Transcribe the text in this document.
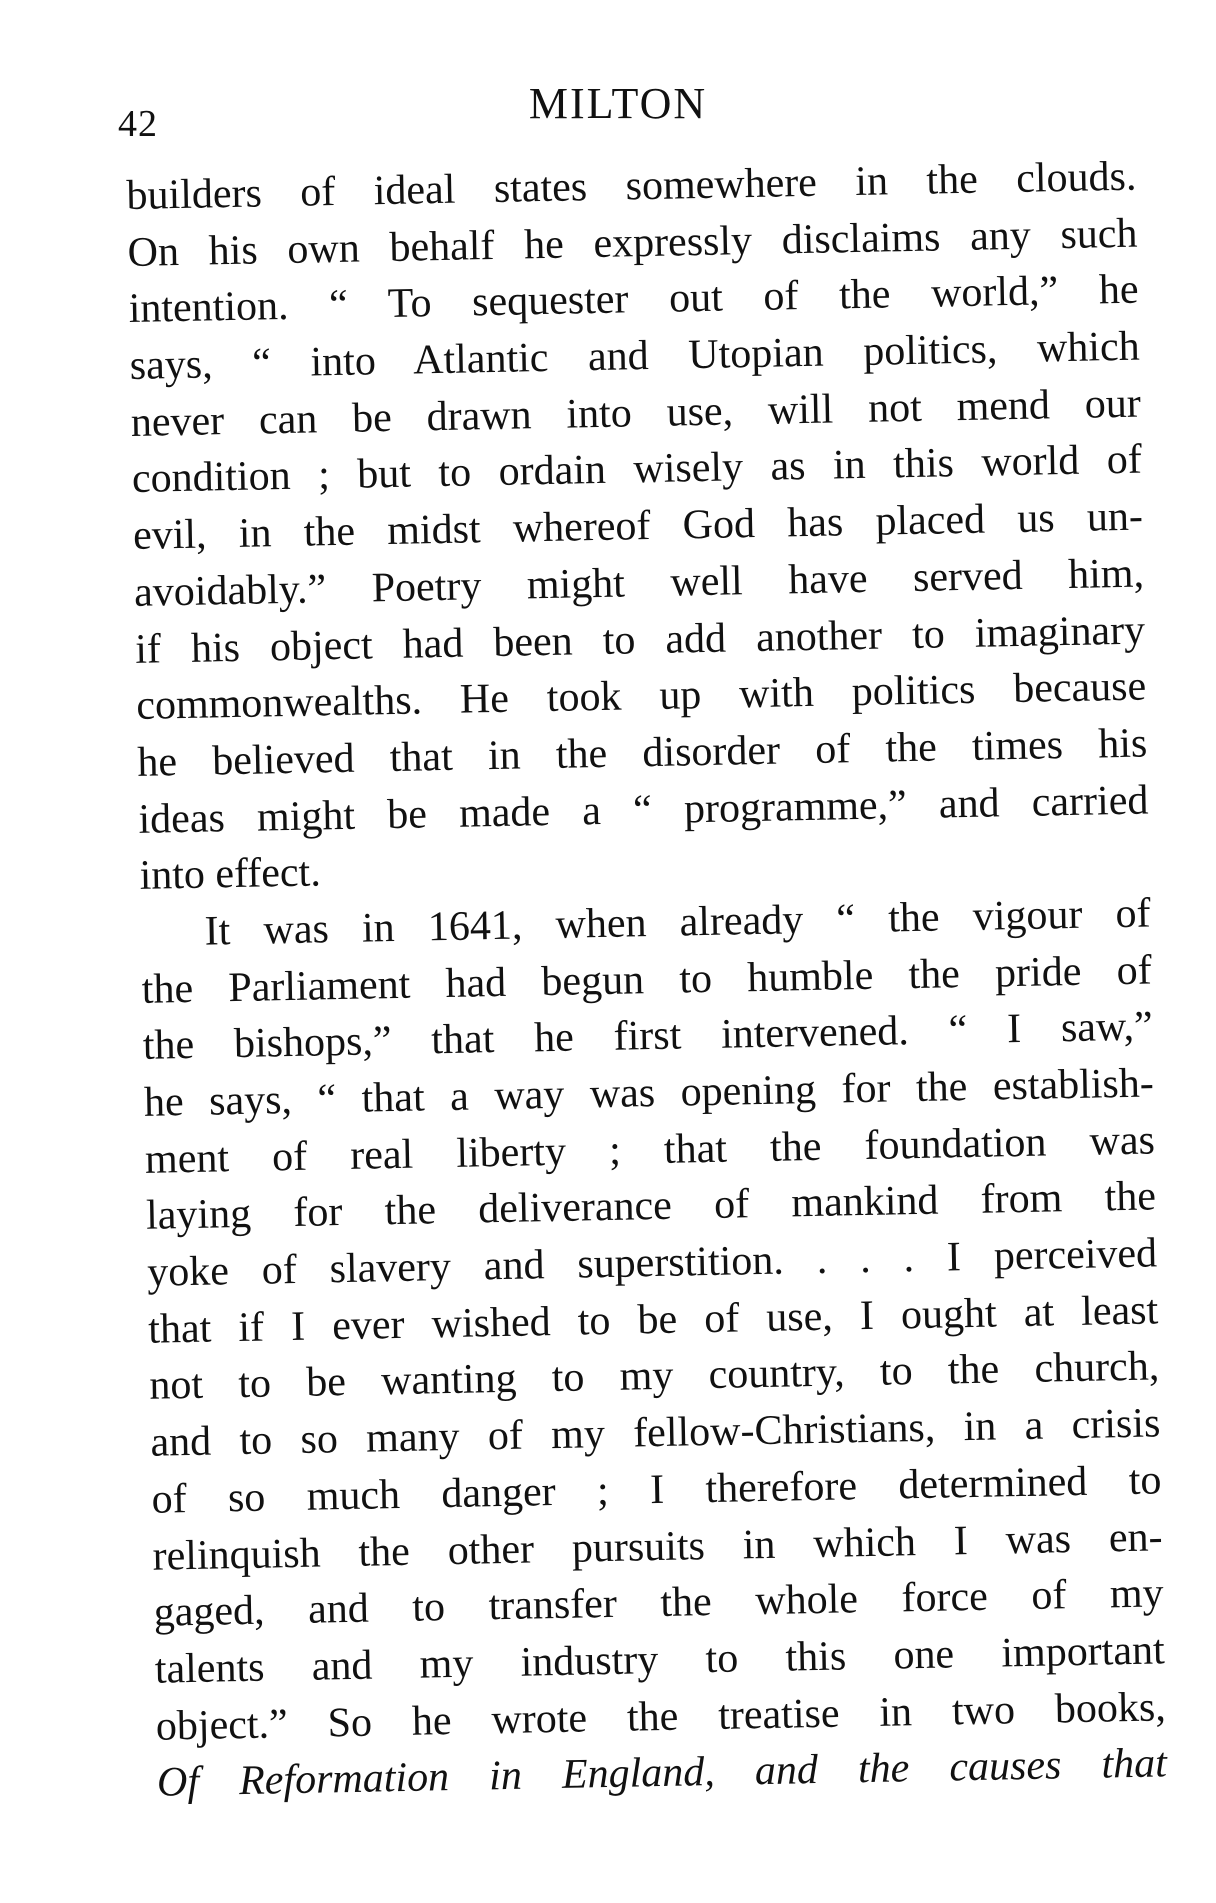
42	MILTON
builders of ideal states somewhere in the clouds.
On his own behalf he expressly disclaims any such
intention. “ To sequester out of the world,” he
says, “ into Atlantic and Utopian politics, which
never can be drawn into use, will not mend our
condition ; but to ordain wisely as in this world of
evil, in the midst whereof God has placed us un-
avoidably.” Poetry might well have served him,
if his object had been to add another to imaginary
commonwealths. He took up with politics because
he believed that in the disorder of the times his
ideas might be made a “ programme,” and carried
into effect.
It was in 1641, when already “ the vigour of
the Parliament had begun to humble the pride of
the bishops,” that he first intervened. “ I saw,”
he says, “ that a way was opening for the establish-
ment of real liberty ; that the foundation was
laying for the deliverance of mankind from the
yoke of slavery and superstition. . . . I perceived
that if I ever wished to be of use, I ought at least
not to be wanting to my country, to the church,
and to so many of my fellow-Christians, in a crisis
of so much danger ; I therefore determined to
relinquish the other pursuits in which I was en-
gaged, and to transfer the whole force of my
talents and my industry to this one important
object.” So he wrote the treatise in two books,
Of Reformation in England, and the causes that
